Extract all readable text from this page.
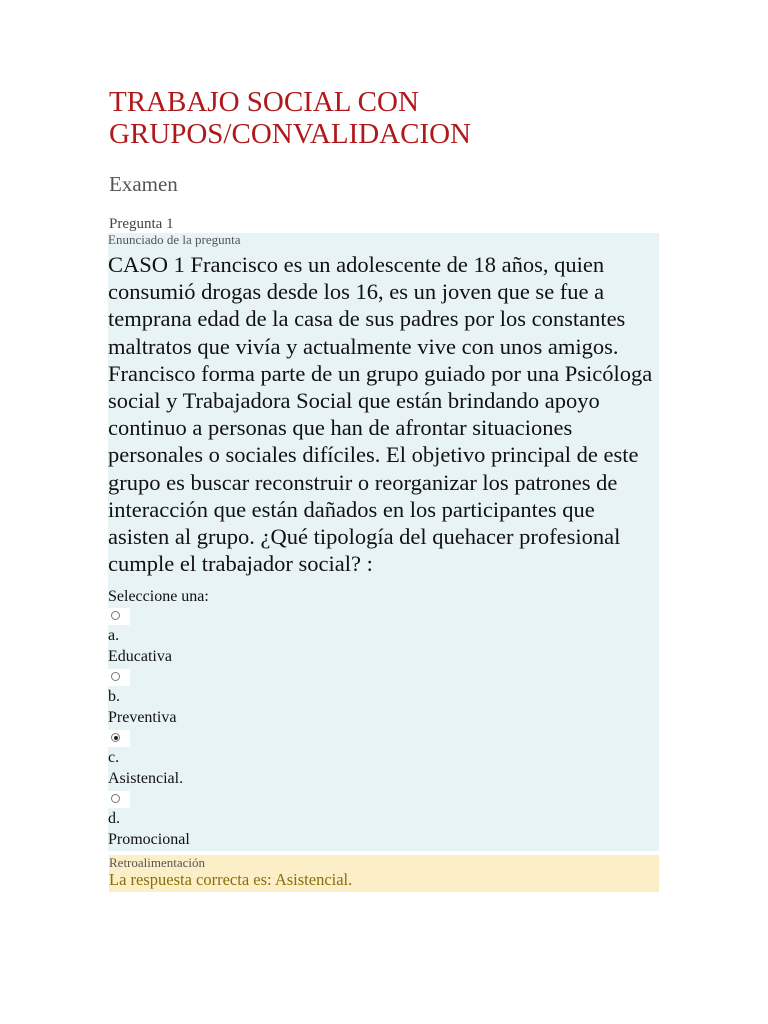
TRABAJO SOCIAL CON
GRUPOS/CONVALIDACION
Examen
Pregunta 1
Enunciado de la pregunta
CASO 1 Francisco es un adolescente de 18 años, quien consumió drogas desde los 16, es un joven que se fue a temprana edad de la casa de sus padres por los constantes maltratos que vivía y actualmente vive con unos amigos. Francisco forma parte de un grupo guiado por una Psicóloga social y Trabajadora Social que están brindando apoyo continuo a personas que han de afrontar situaciones personales o sociales difíciles. El objetivo principal de este grupo es buscar reconstruir o reorganizar los patrones de interacción que están dañados en los participantes que asisten al grupo. ¿Qué tipología del quehacer profesional cumple el trabajador social? :
Seleccione una:
a.
Educativa
b.
Preventiva
c.
Asistencial.
d.
Promocional
Retroalimentación
La respuesta correcta es: Asistencial.
